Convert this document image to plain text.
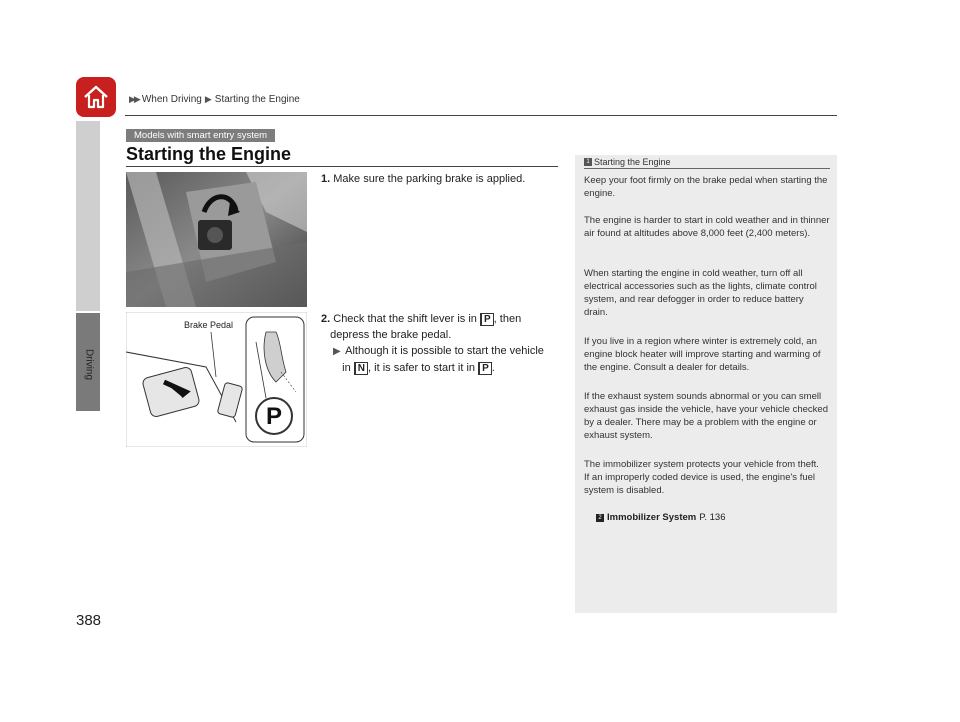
▶▶ When Driving ▶ Starting the Engine
Driving
Models with smart entry system
Starting the Engine
P
Brake Pedal
1. Make sure the parking brake is applied.
2. Check that the shift lever is in P , then
depress the brake pedal.
▶ Although it is possible to start the vehicle
in N , it is safer to start it in P .
1 Starting the Engine
Keep your foot firmly on the brake pedal when starting the engine.
The engine is harder to start in cold weather and in thinner air found at altitudes above 8,000 feet (2,400 meters).
When starting the engine in cold weather, turn off all electrical accessories such as the lights, climate control system, and rear defogger in order to reduce battery drain.
If you live in a region where winter is extremely cold, an engine block heater will improve starting and warming of the engine. Consult a dealer for details.
If the exhaust system sounds abnormal or you can smell exhaust gas inside the vehicle, have your vehicle checked by a dealer. There may be a problem with the engine or exhaust system.
The immobilizer system protects your vehicle from theft.
If an improperly coded device is used, the engine's fuel system is disabled.
2 Immobilizer System P. 136
388
